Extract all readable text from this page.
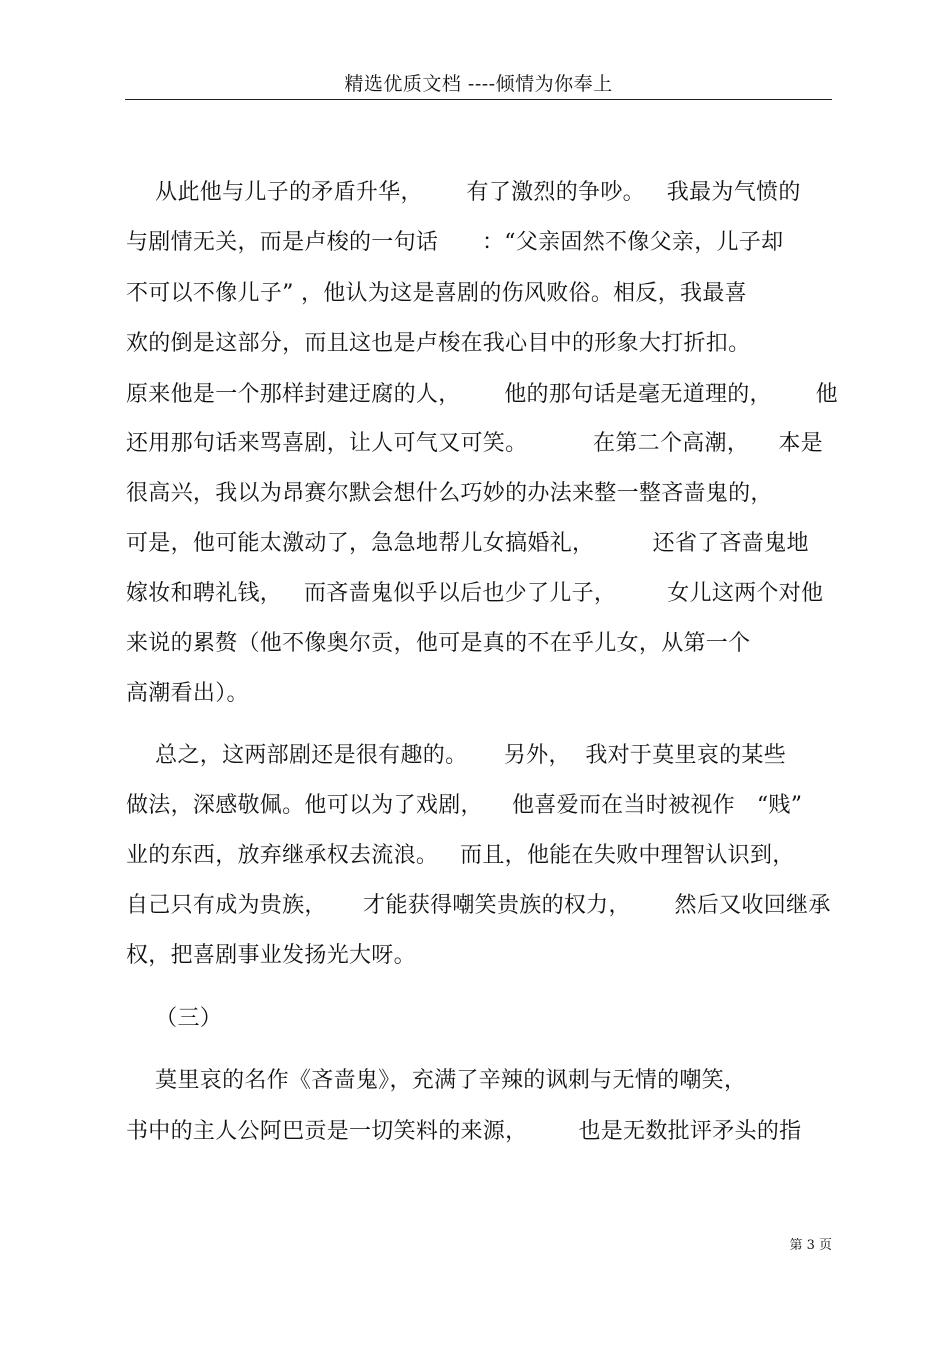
精选优质文档 ----倾情为你奉上
从此他与儿子的矛盾升华，      有了激烈的争吵。   我最为气愤的
与剧情无关，而是卢梭的一句话      ：“父亲固然不像父亲，儿子却
不可以不像儿子” ，他认为这是喜剧的伤风败俗。相反，我最喜
欢的倒是这部分，而且这也是卢梭在我心目中的形象大打折扣。
原来他是一个那样封建迂腐的人，      他的那句话是毫无道理的，      他
还用那句话来骂喜剧，让人可气又可笑。         在第二个高潮，    本是
很高兴，我以为昂赛尔默会想什么巧妙的办法来整一整吝啬鬼的，
可是，他可能太激动了，急急地帮儿女搞婚礼，        还省了吝啬鬼地
嫁妆和聘礼钱，   而吝啬鬼似乎以后也少了儿子，       女儿这两个对他
来说的累赘（他不像奥尔贡，他可是真的不在乎儿女，从第一个
高潮看出）。
总之，这两部剧还是很有趣的。     另外，  我对于莫里哀的某些
做法，深感敬佩。他可以为了戏剧，    他喜爱而在当时被视作   “贱”
业的东西，放弃继承权去流浪。   而且，他能在失败中理智认识到，
自己只有成为贵族，     才能获得嘲笑贵族的权力，      然后又收回继承
权，把喜剧事业发扬光大呀。
（三）
莫里哀的名作《吝啬鬼》，充满了辛辣的讽刺与无情的嘲笑，
书中的主人公阿巴贡是一切笑料的来源，       也是无数批评矛头的指
第 3 页
